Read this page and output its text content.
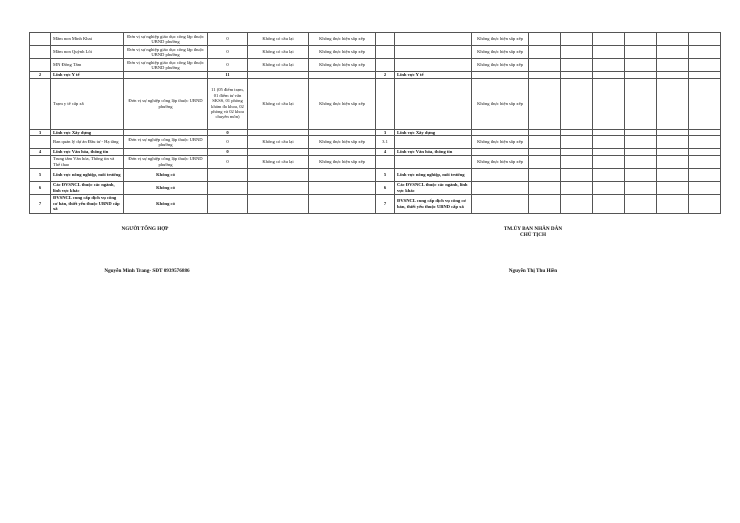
	Mầm non Minh Khai	Đơn vị sự nghiệp giáo dục công lập thuộc UBND phường	0	Không có cầu lại	Không thực hiện sắp xếp			Không thực hiện sắp xếp						
	Mầm non Quỳnh Lôi	Đơn vị sự nghiệp giáo dục công lập thuộc UBND phường	0	Không có cầu lại	Không thực hiện sắp xếp			Không thực hiện sắp xếp						
	MN Đống Tâm	Đơn vị sự nghiệp giáo dục công lập thuộc UBND phường	0	Không có cầu lại	Không thực hiện sắp xếp			Không thực hiện sắp xếp						
2	Lĩnh vực Y tế		11			2	Lĩnh vực Y tế							
	Trạm y tế cấp xã	Đơn vị sự nghiệp công lập thuộc UBND phường	11 (05 điểm trạm, 01 điểm tư vấn SKSS, 01 phòng khám đa khoa, 02 phòng và 02 khoa chuyên môn)	Không có cầu lại	Không thực hiện sắp xếp			Không thực hiện sắp xếp						
3	Lĩnh vực Xây dựng		0			3	Lĩnh vực Xây dựng							
	Ban quản lý dự án Đầu tư - Hạ tầng	Đơn vị sự nghiệp công lập thuộc UBND phường	0	Không có cầu lại	Không thực hiện sắp xếp	3.1		Không thực hiện sắp xếp						
4	Lĩnh vực Văn hóa, thông tin		0			4	Lĩnh vực Văn hóa, thông tin							
	Trung tâm Văn hóa, Thông tin và Thể thao	Đơn vị sự nghiệp công lập thuộc UBND phường	0	Không có cầu lại	Không thực hiện sắp xếp			Không thực hiện sắp xếp						
5	Lĩnh vực nông nghiệp, môi trường	Không có				5	Lĩnh vực nông nghiệp, môi trường							
6	Các ĐVSNCL thuộc các ngành, lĩnh vực khác	Không có				6	Các ĐVSNCL thuộc các ngành, lĩnh vực khác							
7	ĐVSNCL cung cấp dịch vụ công cơ bản, thiết yếu thuộc UBND cấp xã	Không có				7	ĐVSNCL cung cấp dịch vụ công cơ bản, thiết yếu thuộc UBND cấp xã							
NGƯỜI TỔNG HỢP	TM.ỦY BAN NHÂN DÂN
CHỦ TỊCH
Nguyễn Minh Trang- SĐT 0939576886	Nguyễn Thị Thu Hiền
